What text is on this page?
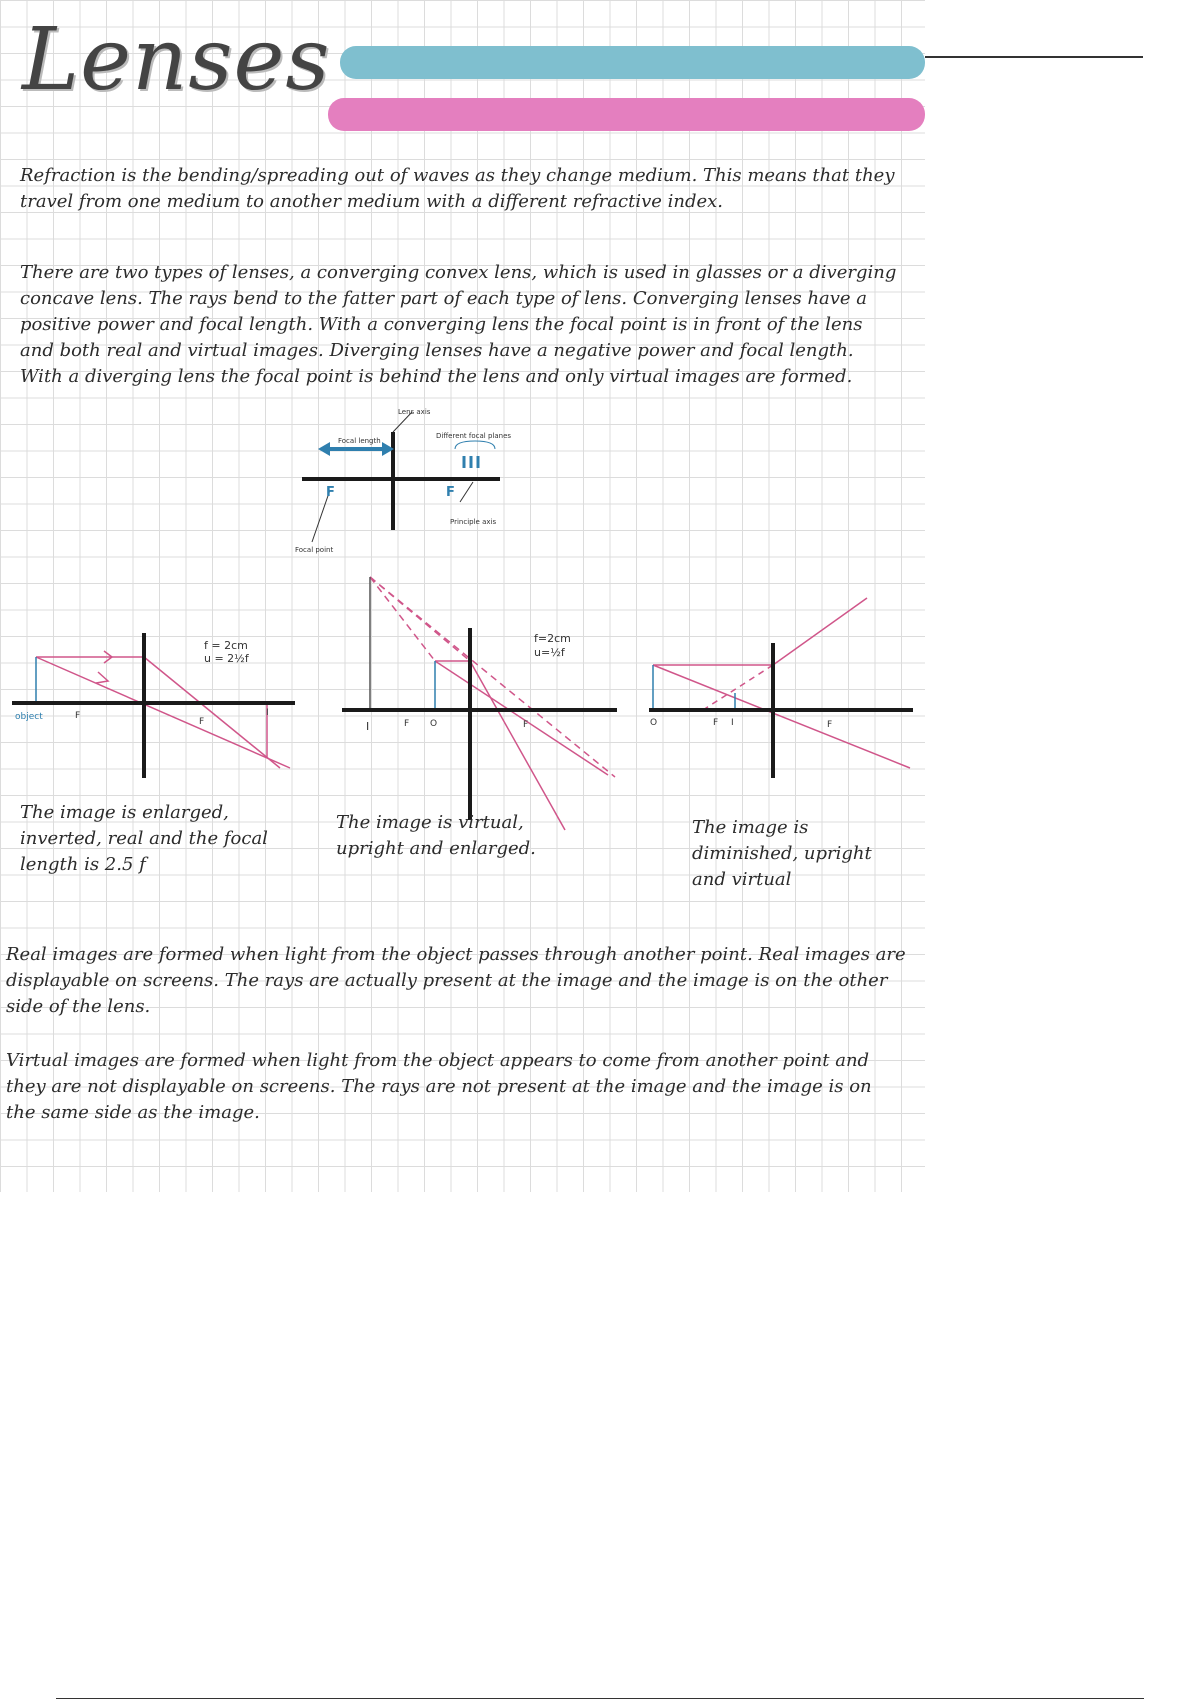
Lenses

Refraction is the bending/spreading out of waves as they change medium. This means that they travel from one medium to another medium with a different refractive index.

There are two types of lenses, a converging convex lens, which is used in glasses or a diverging concave lens. The rays bend to the fatter part of each type of lens. Converging lenses have a positive power and focal length. With a converging lens the focal point is in front of the lens and both real and virtual images. Diverging lenses have a negative power and focal length. With a diverging lens the focal point is behind the lens and only virtual images are formed.

Lens axis
Focal length
Different focal planes
Principle axis
Focal point
F	F
object	F
F
I
f = 2cm
u = 2½f

The image is enlarged, inverted, real and the focal length is 2.5 f

I	F O	F
f=2cm
u=½f

The image is virtual, upright and enlarged.

O	F I	F

The image is diminished, upright and virtual

Real images are formed when light from the object passes through another point. Real images are displayable on screens. The rays are actually present at the image and the image is on the other side of the lens.

Virtual images are formed when light from the object appears to come from another point and they are not displayable on screens. The rays are not present at the image and the image is on the same side as the image.
